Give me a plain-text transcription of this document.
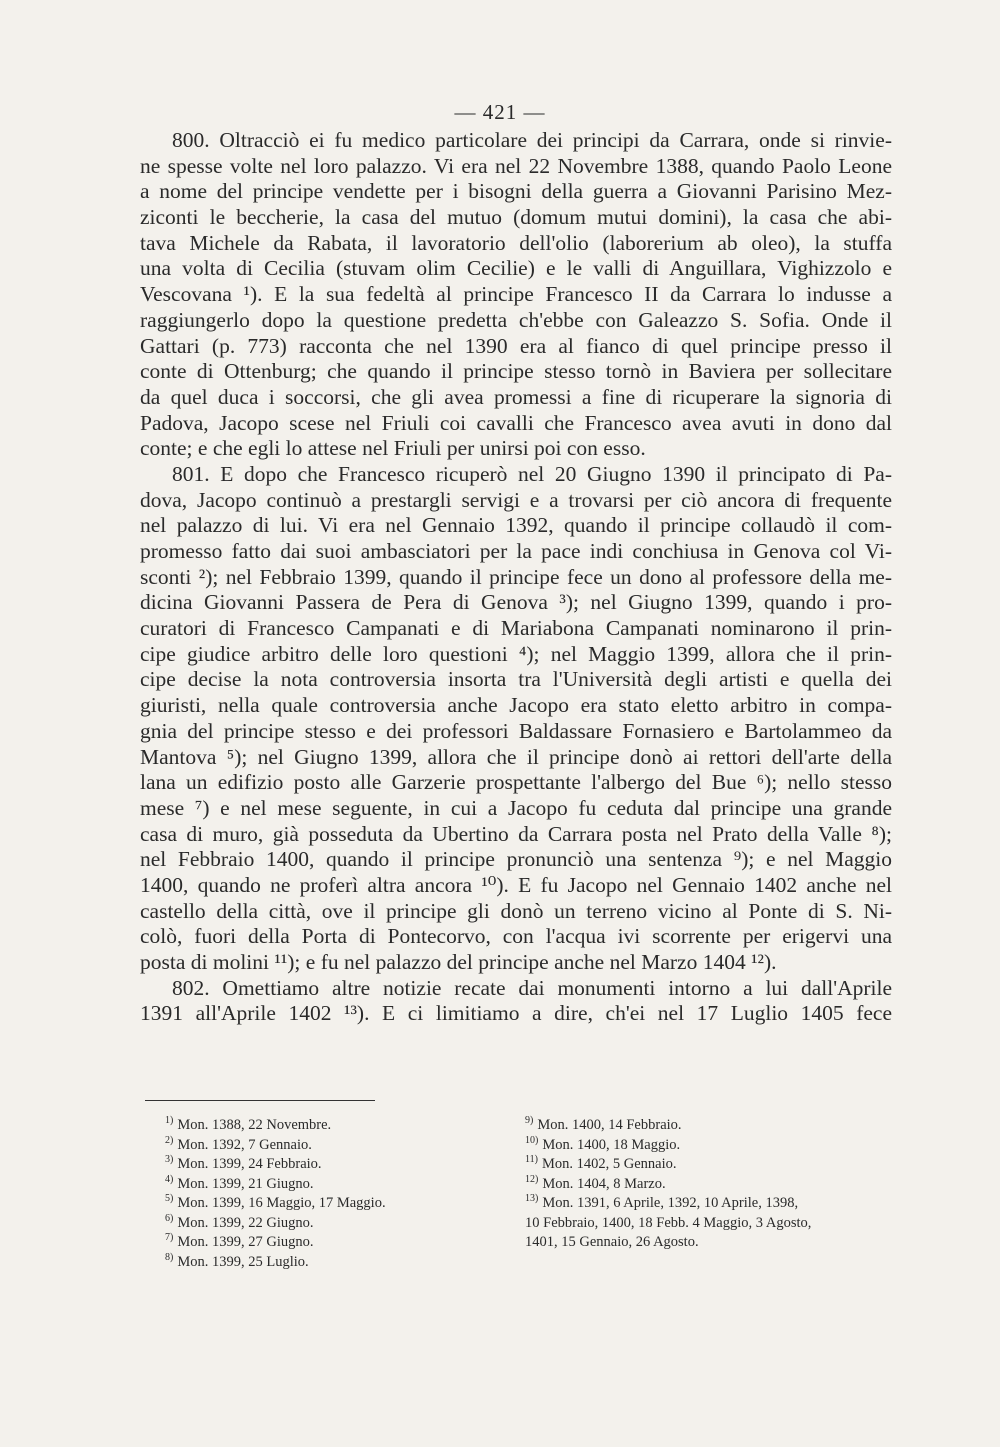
— 421 —
800. Oltracciò ei fu medico particolare dei principi da Carrara, onde si rinvie-
ne spesse volte nel loro palazzo. Vi era nel 22 Novembre 1388, quando Paolo Leone
a nome del principe vendette per i bisogni della guerra a Giovanni Parisino Mez-
ziconti le beccherie, la casa del mutuo (domum mutui domini), la casa che abi-
tava Michele da Rabata, il lavoratorio dell'olio (laborerium ab oleo), la stuffa
una volta di Cecilia (stuvam olim Cecilie) e le valli di Anguillara, Vighizzolo e
Vescovana ¹). E la sua fedeltà al principe Francesco II da Carrara lo indusse a
raggiungerlo dopo la questione predetta ch'ebbe con Galeazzo S. Sofia. Onde il
Gattari (p. 773) racconta che nel 1390 era al fianco di quel principe presso il
conte di Ottenburg; che quando il principe stesso tornò in Baviera per sollecitare
da quel duca i soccorsi, che gli avea promessi a fine di ricuperare la signoria di
Padova, Jacopo scese nel Friuli coi cavalli che Francesco avea avuti in dono dal
conte; e che egli lo attese nel Friuli per unirsi poi con esso.
801. E dopo che Francesco ricuperò nel 20 Giugno 1390 il principato di Pa-
dova, Jacopo continuò a prestargli servigi e a trovarsi per ciò ancora di frequente
nel palazzo di lui. Vi era nel Gennaio 1392, quando il principe collaudò il com-
promesso fatto dai suoi ambasciatori per la pace indi conchiusa in Genova col Vi-
sconti ²); nel Febbraio 1399, quando il principe fece un dono al professore della me-
dicina Giovanni Passera de Pera di Genova ³); nel Giugno 1399, quando i pro-
curatori di Francesco Campanati e di Mariabona Campanati nominarono il prin-
cipe giudice arbitro delle loro questioni ⁴); nel Maggio 1399, allora che il prin-
cipe decise la nota controversia insorta tra l'Università degli artisti e quella dei
giuristi, nella quale controversia anche Jacopo era stato eletto arbitro in compa-
gnia del principe stesso e dei professori Baldassare Fornasiero e Bartolammeo da
Mantova ⁵); nel Giugno 1399, allora che il principe donò ai rettori dell'arte della
lana un edifizio posto alle Garzerie prospettante l'albergo del Bue ⁶); nello stesso
mese ⁷) e nel mese seguente, in cui a Jacopo fu ceduta dal principe una grande
casa di muro, già posseduta da Ubertino da Carrara posta nel Prato della Valle ⁸);
nel Febbraio 1400, quando il principe pronunciò una sentenza ⁹); e nel Maggio
1400, quando ne proferì altra ancora ¹⁰). E fu Jacopo nel Gennaio 1402 anche nel
castello della città, ove il principe gli donò un terreno vicino al Ponte di S. Ni-
colò, fuori della Porta di Pontecorvo, con l'acqua ivi scorrente per erigervi una
posta di molini ¹¹); e fu nel palazzo del principe anche nel Marzo 1404 ¹²).
802. Omettiamo altre notizie recate dai monumenti intorno a lui dall'Aprile
1391 all'Aprile 1402 ¹³). E ci limitiamo a dire, ch'ei nel 17 Luglio 1405 fece
1) Mon. 1388, 22 Novembre.
2) Mon. 1392, 7 Gennaio.
3) Mon. 1399, 24 Febbraio.
4) Mon. 1399, 21 Giugno.
5) Mon. 1399, 16 Maggio, 17 Maggio.
6) Mon. 1399, 22 Giugno.
7) Mon. 1399, 27 Giugno.
8) Mon. 1399, 25 Luglio.
9) Mon. 1400, 14 Febbraio.
10) Mon. 1400, 18 Maggio.
11) Mon. 1402, 5 Gennaio.
12) Mon. 1404, 8 Marzo.
13) Mon. 1391, 6 Aprile, 1392, 10 Aprile, 1398,
10 Febbraio, 1400, 18 Febb. 4 Maggio, 3 Agosto,
1401, 15 Gennaio, 26 Agosto.
